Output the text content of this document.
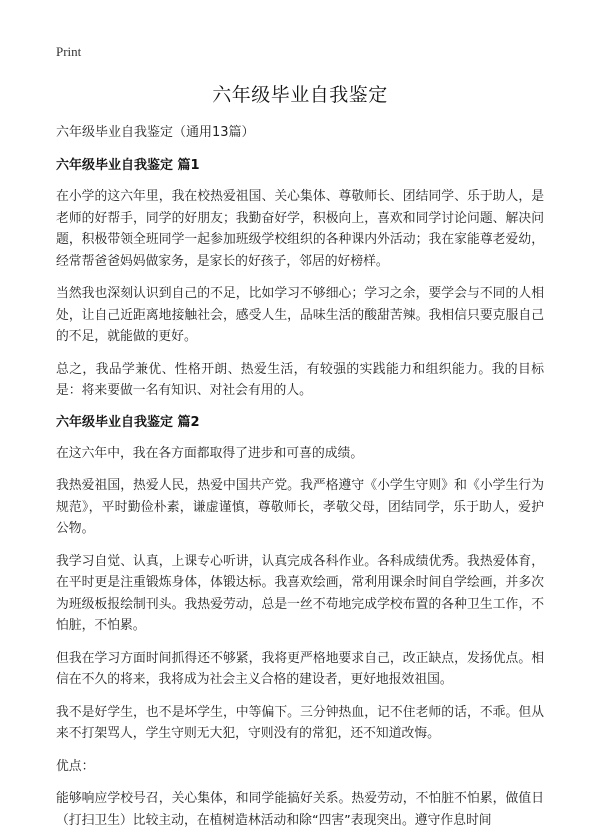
Print
六年级毕业自我鉴定

六年级毕业自我鉴定（通用13篇）

六年级毕业自我鉴定 篇1

在小学的这六年里，我在校热爱祖国、关心集体、尊敬师长、团结同学、乐于助人，是老师的好帮手，同学的好朋友；我勤奋好学，积极向上，喜欢和同学讨论问题、解决问题，积极带领全班同学一起参加班级学校组织的各种课内外活动；我在家能尊老爱幼，经常帮爸爸妈妈做家务，是家长的好孩子，邻居的好榜样。

当然我也深刻认识到自己的不足，比如学习不够细心；学习之余，要学会与不同的人相处，让自己近距离地接触社会，感受人生，品味生活的酸甜苦辣。我相信只要克服自己的不足，就能做的更好。

总之，我品学兼优、性格开朗、热爱生活，有较强的实践能力和组织能力。我的目标是：将来要做一名有知识、对社会有用的人。

六年级毕业自我鉴定 篇2

在这六年中，我在各方面都取得了进步和可喜的成绩。

我热爱祖国，热爱人民，热爱中国共产党。我严格遵守《小学生守则》和《小学生行为规范》，平时勤俭朴素，谦虚谨慎，尊敬师长，孝敬父母，团结同学，乐于助人，爱护公物。

我学习自觉、认真，上课专心听讲，认真完成各科作业。各科成绩优秀。我热爱体育，在平时更是注重锻炼身体，体锻达标。我喜欢绘画，常利用课余时间自学绘画，并多次为班级板报绘制刊头。我热爱劳动，总是一丝不苟地完成学校布置的各种卫生工作，不怕脏，不怕累。

但我在学习方面时间抓得还不够紧，我将更严格地要求自己，改正缺点，发扬优点。相信在不久的将来，我将成为社会主义合格的建设者，更好地报效祖国。

我不是好学生，也不是坏学生，中等偏下。三分钟热血，记不住老师的话，不乖。但从来不打架骂人，学生守则无大犯，守则没有的常犯，还不知道改悔。

优点：

能够响应学校号召，关心集体，和同学能搞好关系。热爱劳动，不怕脏不怕累，做值日（打扫卫生）比较主动，在植树造林活动和除“四害”表现突出。遵守作息时间
